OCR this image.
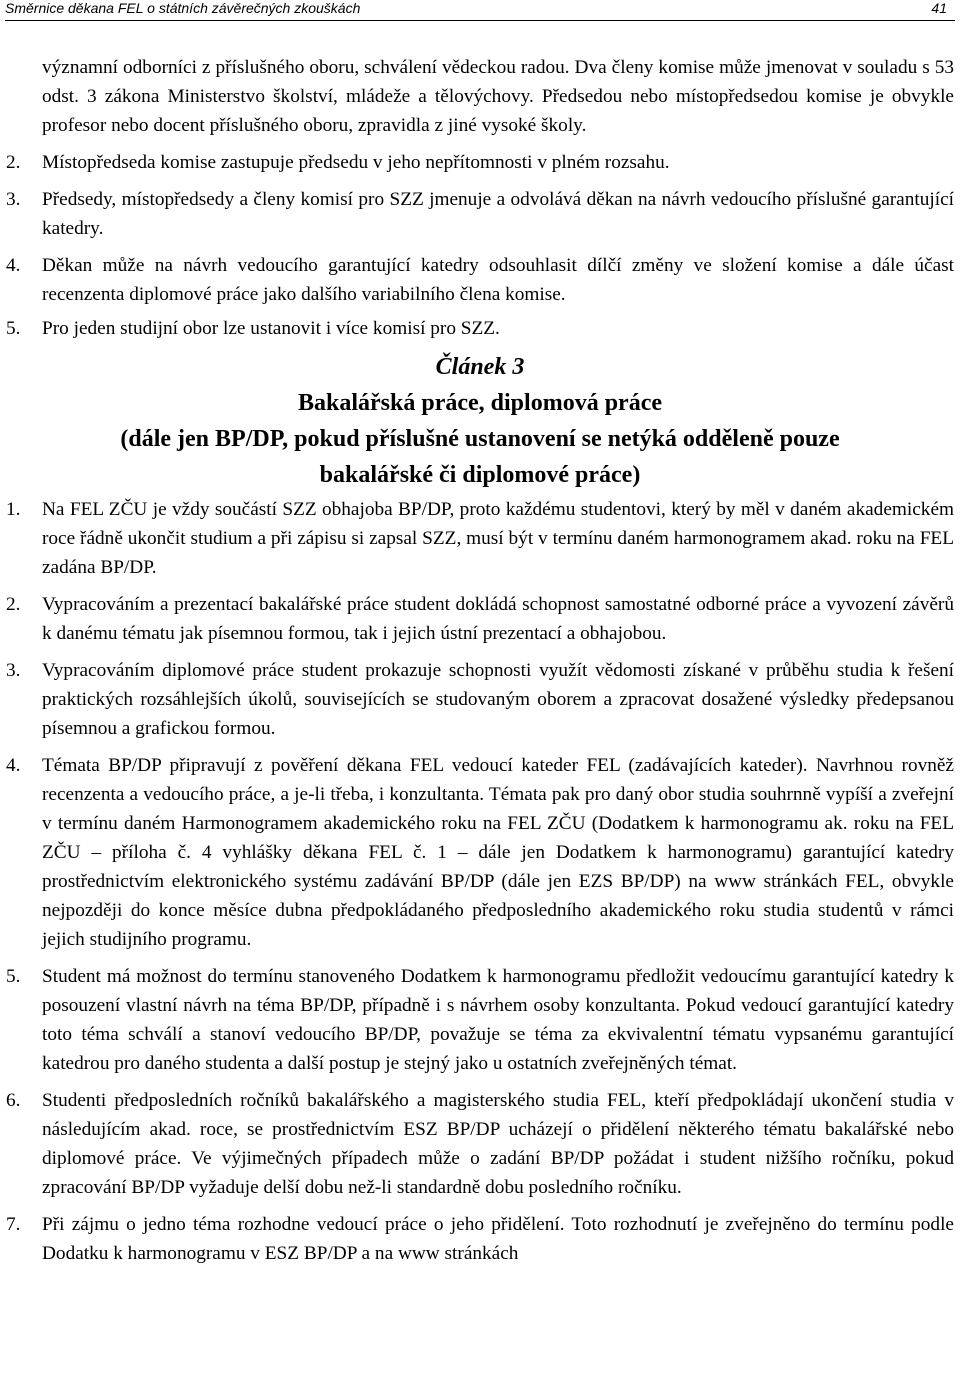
Směrnice děkana FEL o státních závěrečných zkouškách	41

významní odborníci z příslušného oboru, schválení vědeckou radou. Dva členy komise může jmenovat v souladu s 53 odst. 3 zákona Ministerstvo školství, mládeže a tělovýchovy. Předsedou nebo místopředsedou komise je obvykle profesor nebo docent příslušného oboru, zpravidla z jiné vysoké školy.

2. Místopředseda komise zastupuje předsedu v jeho nepřítomnosti v plném rozsahu.
3. Předsedy, místopředsedy a členy komisí pro SZZ jmenuje a odvolává děkan na návrh vedoucího příslušné garantující katedry.
4. Děkan může na návrh vedoucího garantující katedry odsouhlasit dílčí změny ve složení komise a dále účast recenzenta diplomové práce jako dalšího variabilního člena komise.
5. Pro jeden studijní obor lze ustanovit i více komisí pro SZZ.
Článek 3
Bakalářská práce, diplomová práce
(dále jen BP/DP, pokud příslušné ustanovení se netýká odděleně pouze
bakalářské či diplomové práce)
1. Na FEL ZČU je vždy součástí SZZ obhajoba BP/DP, proto každému studentovi, který by měl v daném akademickém roce řádně ukončit studium a při zápisu si zapsal SZZ, musí být v termínu daném harmonogramem akad. roku na FEL zadána BP/DP.
2. Vypracováním a prezentací bakalářské práce student dokládá schopnost samostatné odborné práce a vyvození závěrů k danému tématu jak písemnou formou, tak i jejich ústní prezentací a obhajobou.
3. Vypracováním diplomové práce student prokazuje schopnosti využít vědomosti získané v průběhu studia k řešení praktických rozsáhlejších úkolů, souvisejících se studovaným oborem a zpracovat dosažené výsledky předepsanou písemnou a grafickou formou.
4. Témata BP/DP připravují z pověření děkana FEL vedoucí kateder FEL (zadávajících kateder). Navrhnou rovněž recenzenta a vedoucího práce, a je-li třeba, i konzultanta. Témata pak pro daný obor studia souhrnně vypíší a zveřejní v termínu daném Harmonogramem akademického roku na FEL ZČU (Dodatkem k harmonogramu ak. roku na FEL ZČU – příloha č. 4 vyhlášky děkana FEL č. 1 – dále jen Dodatkem k harmonogramu) garantující katedry prostřednictvím elektronického systému zadávání BP/DP (dále jen EZS BP/DP) na www stránkách FEL, obvykle nejpozději do konce měsíce dubna předpokládaného předposledního akademického roku studia studentů v rámci jejich studijního programu.
5. Student má možnost do termínu stanoveného Dodatkem k harmonogramu předložit vedoucímu garantující katedry k posouzení vlastní návrh na téma BP/DP, případně i s návrhem osoby konzultanta. Pokud vedoucí garantující katedry toto téma schválí a stanoví vedoucího BP/DP, považuje se téma za ekvivalentní tématu vypsanému garantující katedrou pro daného studenta a další postup je stejný jako u ostatních zveřejněných témat.
6. Studenti předposledních ročníků bakalářského a magisterského studia FEL, kteří předpokládají ukončení studia v následujícím akad. roce, se prostřednictvím ESZ BP/DP ucházejí o přidělení některého tématu bakalářské nebo diplomové práce. Ve výjimečných případech může o zadání BP/DP požádat i student nižšího ročníku, pokud zpracování BP/DP vyžaduje delší dobu než-li standardně dobu posledního ročníku.
7. Při zájmu o jedno téma rozhodne vedoucí práce o jeho přidělení. Toto rozhodnutí je zveřejněno do termínu podle Dodatku k harmonogramu v ESZ BP/DP a na www stránkách
